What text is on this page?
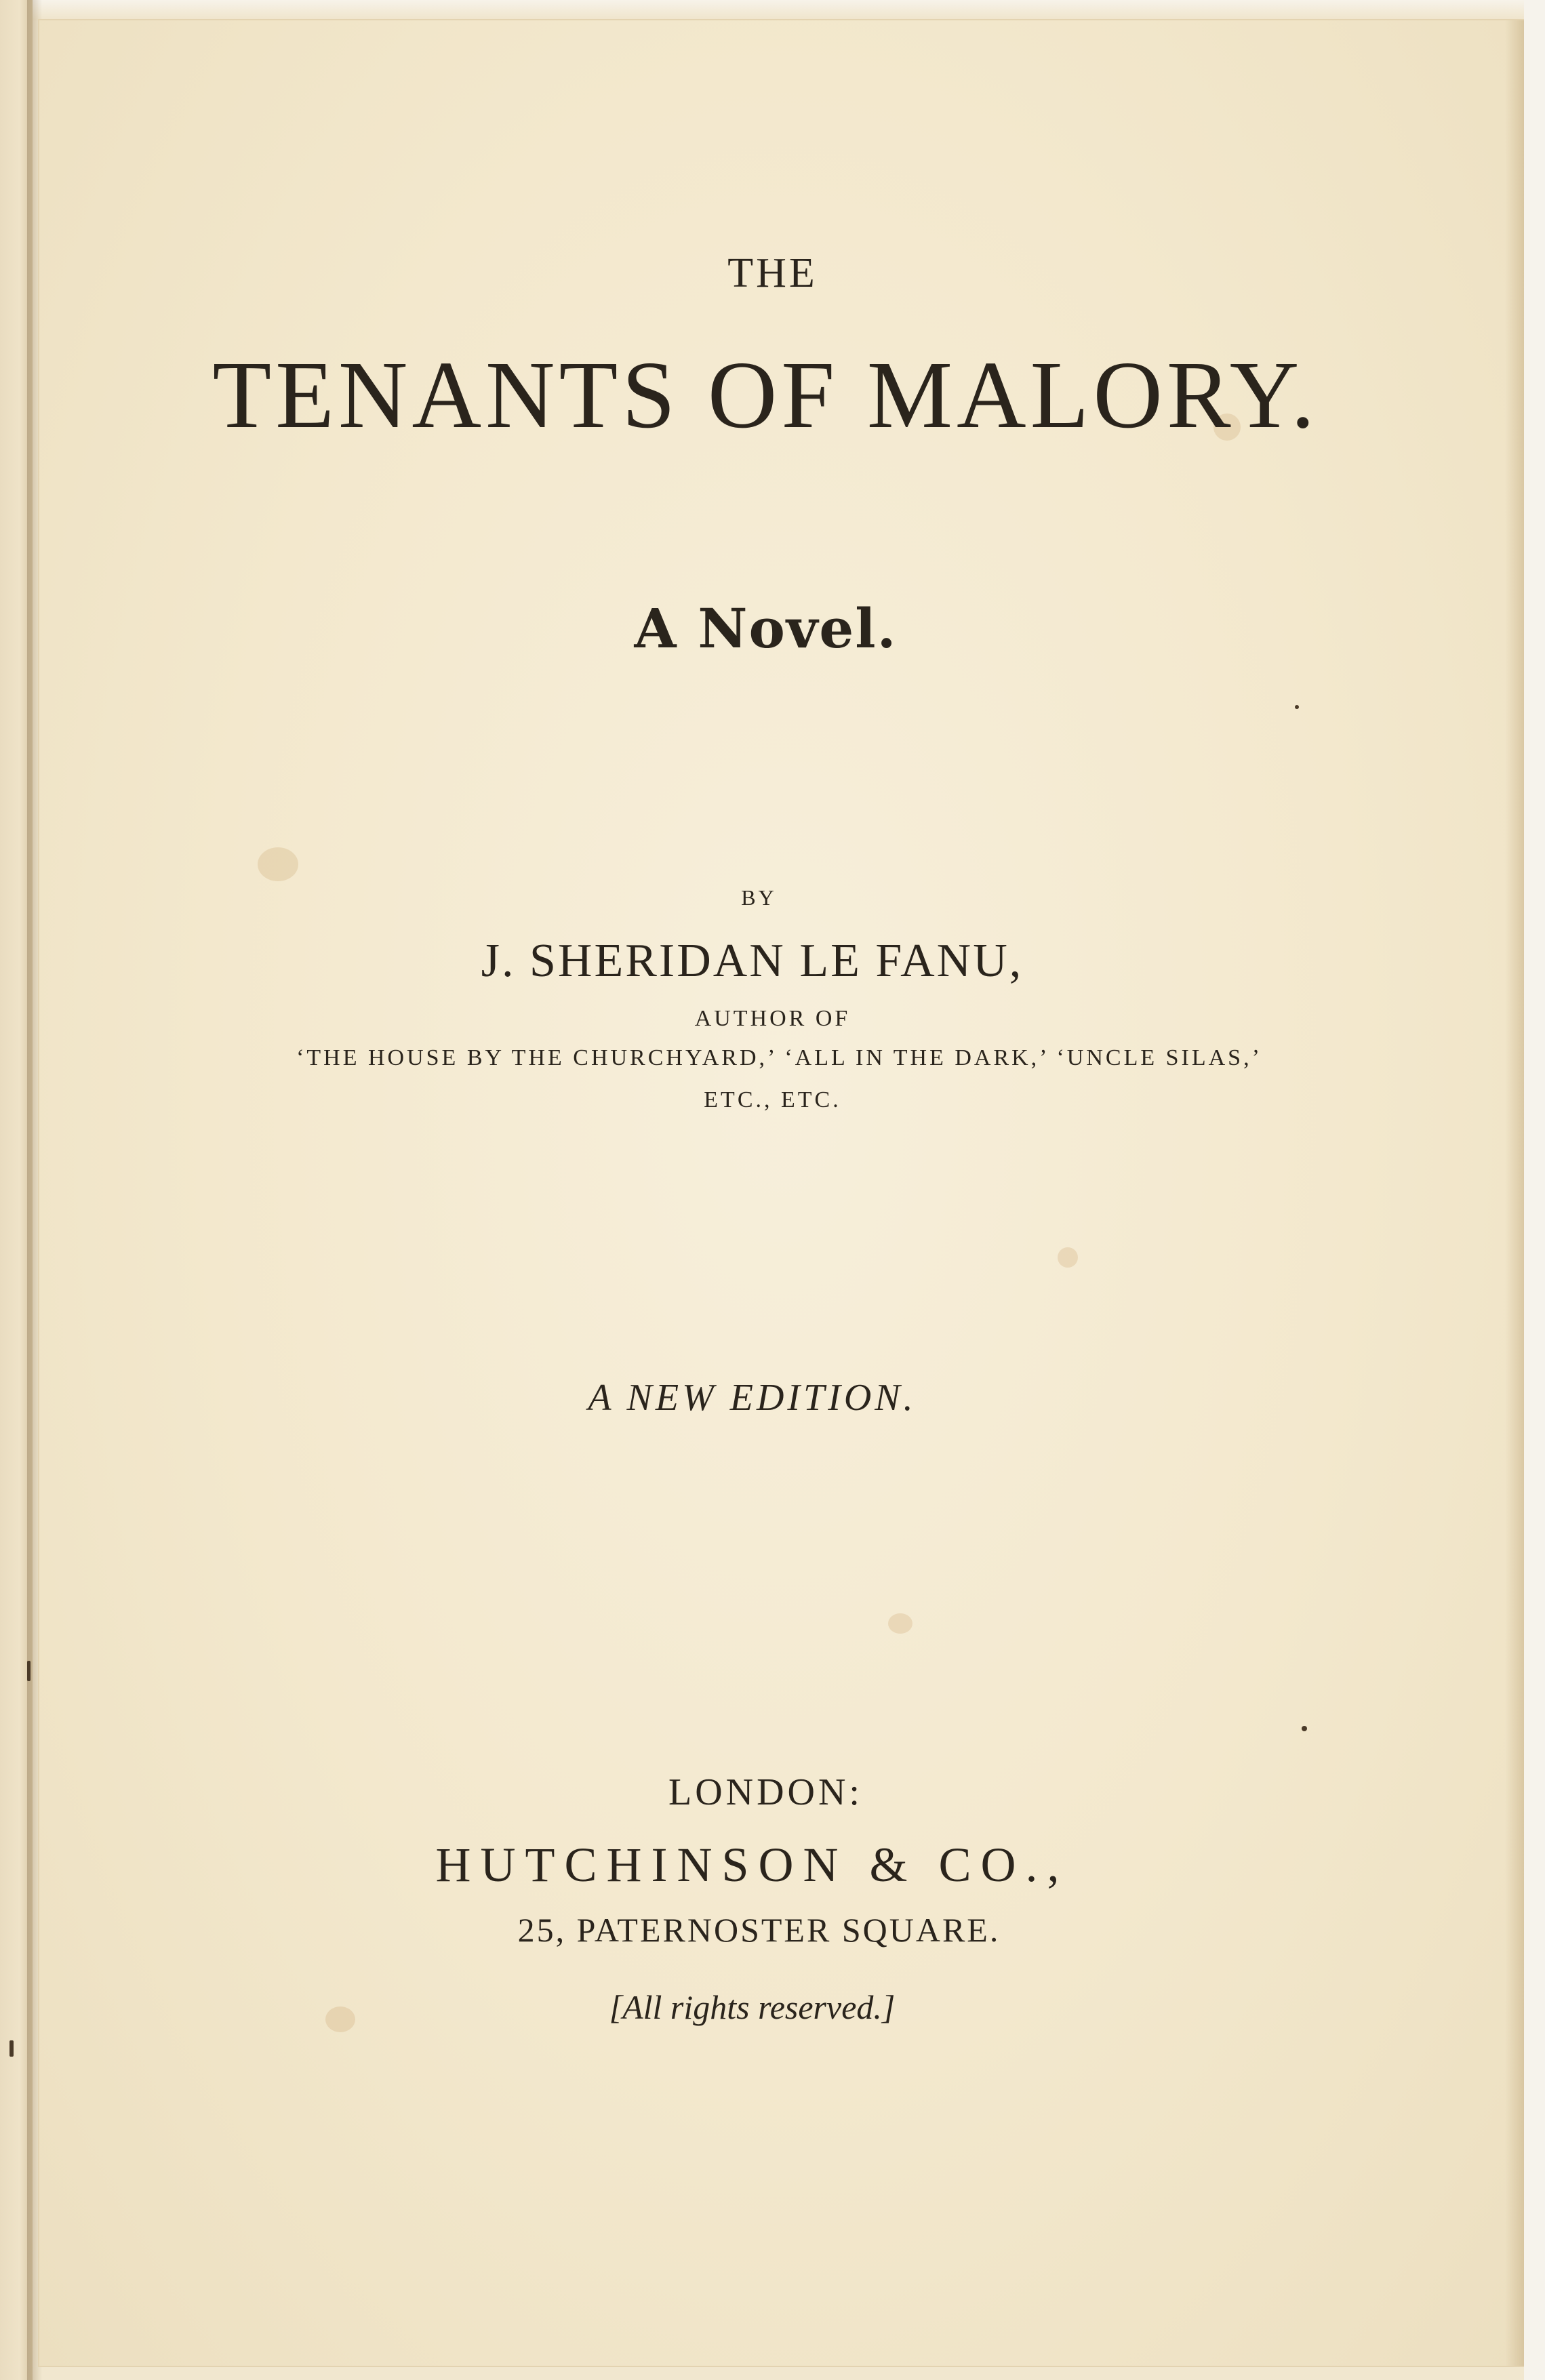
THE

TENANTS OF MALORY.

A Novel.

BY

J. SHERIDAN LE FANU,

AUTHOR OF

‘THE HOUSE BY THE CHURCHYARD,’ ‘ALL IN THE DARK,’ ‘UNCLE SILAS,’

ETC., ETC.

A NEW EDITION.

LONDON:

HUTCHINSON & CO.,

25, PATERNOSTER SQUARE.

[All rights reserved.]
